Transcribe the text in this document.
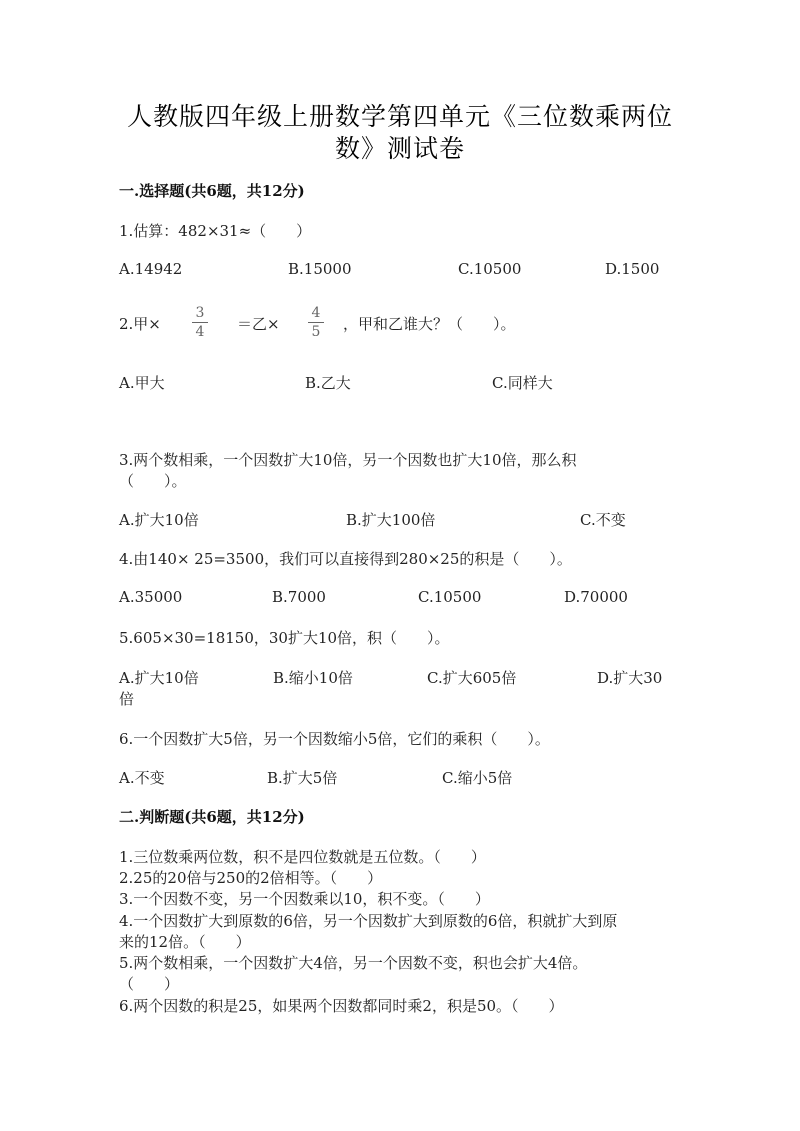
人教版四年级上册数学第四单元《三位数乘两位
数》测试卷
一.选择题(共6题，共12分)
1.估算：482×31≈（　　）
A.14942	B.15000	C.10500	D.1500
2.甲×
3
4 ＝乙×
4
5 ，甲和乙谁大？（　　）。
A.甲大	B.乙大	C.同样大
3.两个数相乘，一个因数扩大10倍，另一个因数也扩大10倍，那么积
（　　）。
A.扩大10倍	B.扩大100倍	C.不变
4.由140× 25=3500，我们可以直接得到280×25的积是（　　）。
A.35000	B.7000	C.10500	D.70000
5.605×30=18150，30扩大10倍，积（　　）。
A.扩大10倍	B.缩小10倍	C.扩大605倍	D.扩大30
倍
6.一个因数扩大5倍，另一个因数缩小5倍，它们的乘积（　　）。
A.不变	B.扩大5倍	C.缩小5倍
二.判断题(共6题，共12分)
1.三位数乘两位数，积不是四位数就是五位数。（　　）
2.25的20倍与250的2倍相等。（　　）
3.一个因数不变，另一个因数乘以10，积不变。（　　）
4.一个因数扩大到原数的6倍，另一个因数扩大到原数的6倍，积就扩大到原
来的12倍。（　　）
5.两个数相乘，一个因数扩大4倍，另一个因数不变，积也会扩大4倍。
（　　）
6.两个因数的积是25，如果两个因数都同时乘2，积是50。（　　）
